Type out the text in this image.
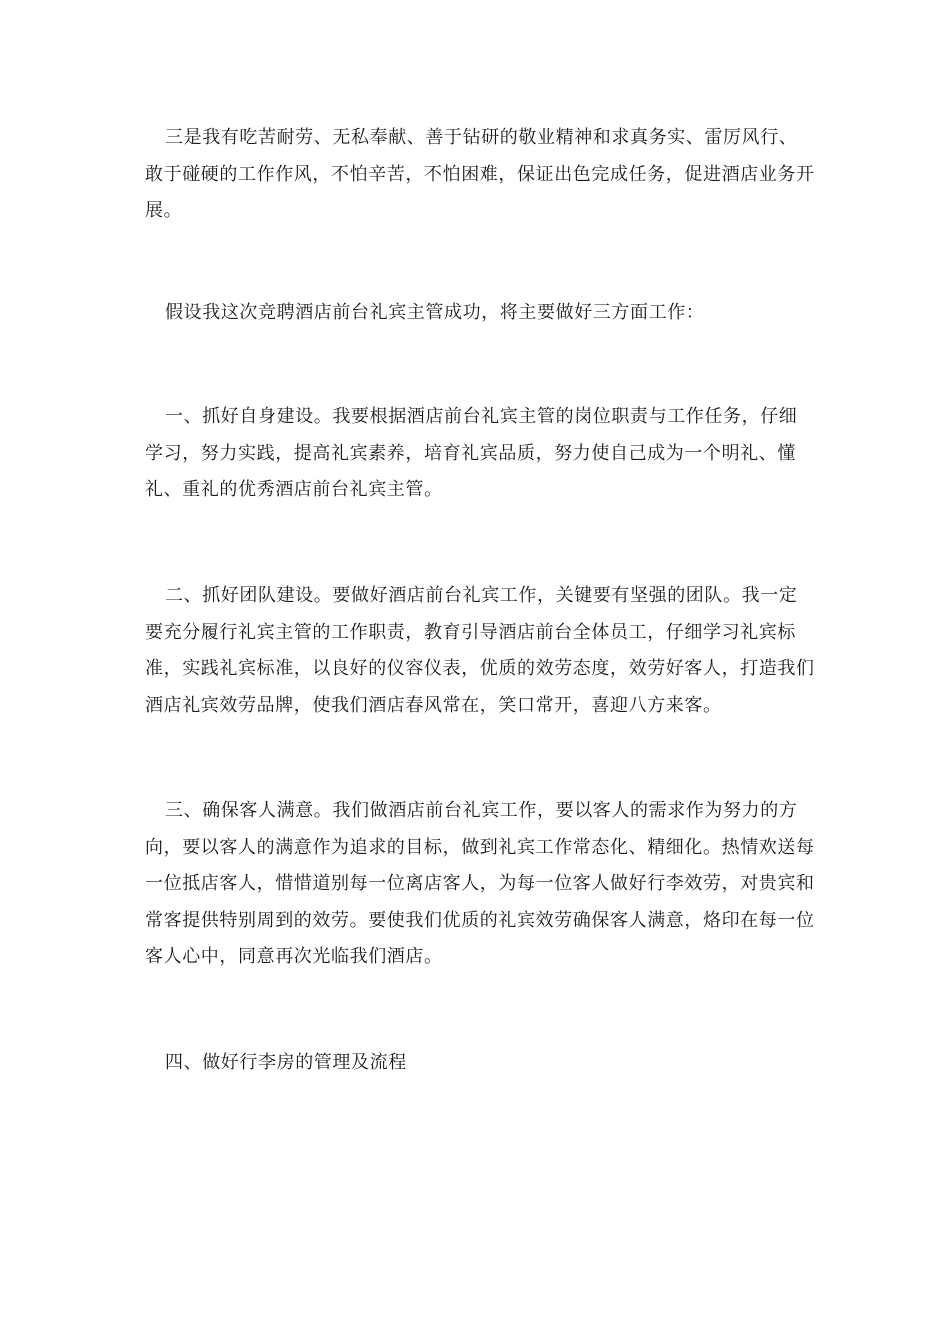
三是我有吃苦耐劳、无私奉献、善于钻研的敬业精神和求真务实、雷厉风行、敢于碰硬的工作作风，不怕辛苦，不怕困难，保证出色完成任务，促进酒店业务开展。

假设我这次竞聘酒店前台礼宾主管成功，将主要做好三方面工作：

一、抓好自身建设。我要根据酒店前台礼宾主管的岗位职责与工作任务，仔细学习，努力实践，提高礼宾素养，培育礼宾品质，努力使自己成为一个明礼、懂礼、重礼的优秀酒店前台礼宾主管。

二、抓好团队建设。要做好酒店前台礼宾工作，关键要有坚强的团队。我一定要充分履行礼宾主管的工作职责，教育引导酒店前台全体员工，仔细学习礼宾标准，实践礼宾标准，以良好的仪容仪表，优质的效劳态度，效劳好客人，打造我们酒店礼宾效劳品牌，使我们酒店春风常在，笑口常开，喜迎八方来客。

三、确保客人满意。我们做酒店前台礼宾工作，要以客人的需求作为努力的方向，要以客人的满意作为追求的目标，做到礼宾工作常态化、精细化。热情欢送每一位抵店客人，惜惜道别每一位离店客人，为每一位客人做好行李效劳，对贵宾和常客提供特别周到的效劳。要使我们优质的礼宾效劳确保客人满意，烙印在每一位客人心中，同意再次光临我们酒店。

四、做好行李房的管理及流程
